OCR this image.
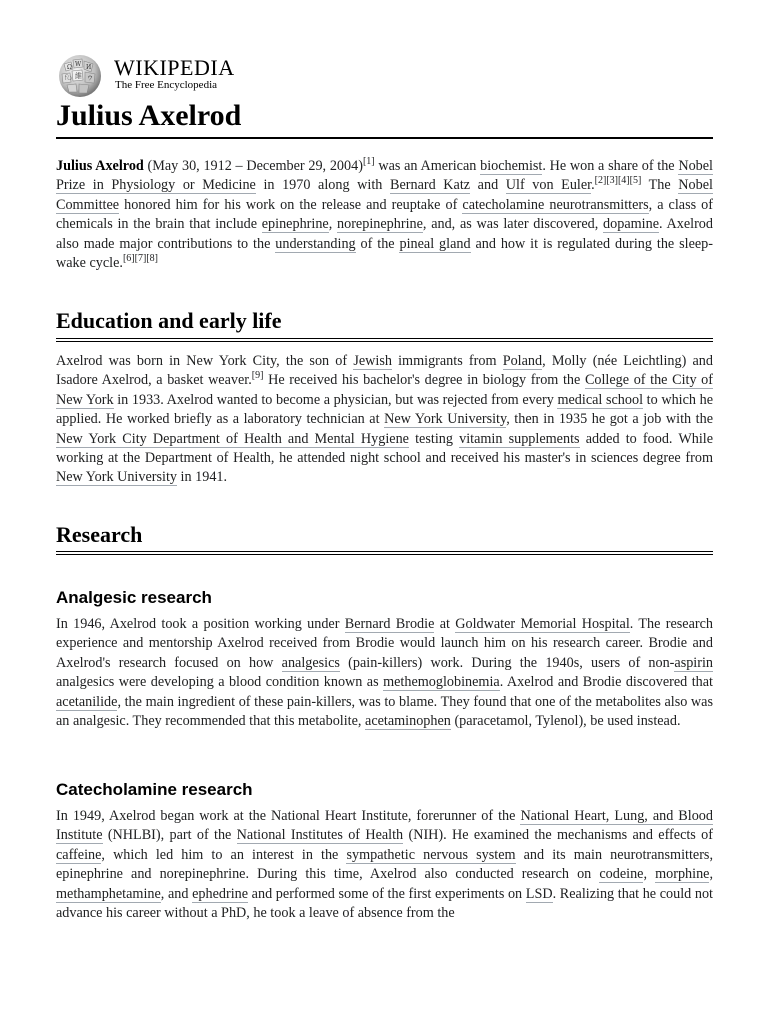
Ω W И
維 ウ
ি WIKIPEDIA
The Free Encyclopedia
Julius Axelrod

Julius Axelrod (May 30, 1912 – December 29, 2004)[1] was an American biochemist. He won a share of the Nobel Prize in Physiology or Medicine in 1970 along with Bernard Katz and Ulf von Euler.[2][3][4][5] The Nobel Committee honored him for his work on the release and reuptake of catecholamine neurotransmitters, a class of chemicals in the brain that include epinephrine, norepinephrine, and, as was later discovered, dopamine. Axelrod also made major contributions to the understanding of the pineal gland and how it is regulated during the sleep-wake cycle.[6][7][8]

Education and early life

Axelrod was born in New York City, the son of Jewish immigrants from Poland, Molly (née Leichtling) and Isadore Axelrod, a basket weaver.[9] He received his bachelor's degree in biology from the College of the City of New York in 1933. Axelrod wanted to become a physician, but was rejected from every medical school to which he applied. He worked briefly as a laboratory technician at New York University, then in 1935 he got a job with the New York City Department of Health and Mental Hygiene testing vitamin supplements added to food. While working at the Department of Health, he attended night school and received his master's in sciences degree from New York University in 1941.

Research
Analgesic research

In 1946, Axelrod took a position working under Bernard Brodie at Goldwater Memorial Hospital. The research experience and mentorship Axelrod received from Brodie would launch him on his research career. Brodie and Axelrod's research focused on how analgesics (pain-killers) work. During the 1940s, users of non-aspirin analgesics were developing a blood condition known as methemoglobinemia. Axelrod and Brodie discovered that acetanilide, the main ingredient of these pain-killers, was to blame. They found that one of the metabolites also was an analgesic. They recommended that this metabolite, acetaminophen (paracetamol, Tylenol), be used instead.

Catecholamine research

In 1949, Axelrod began work at the National Heart Institute, forerunner of the National Heart, Lung, and Blood Institute (NHLBI), part of the National Institutes of Health (NIH). He examined the mechanisms and effects of caffeine, which led him to an interest in the sympathetic nervous system and its main neurotransmitters, epinephrine and norepinephrine. During this time, Axelrod also conducted research on codeine, morphine, methamphetamine, and ephedrine and performed some of the first experiments on LSD. Realizing that he could not advance his career without a PhD, he took a leave of absence from the
